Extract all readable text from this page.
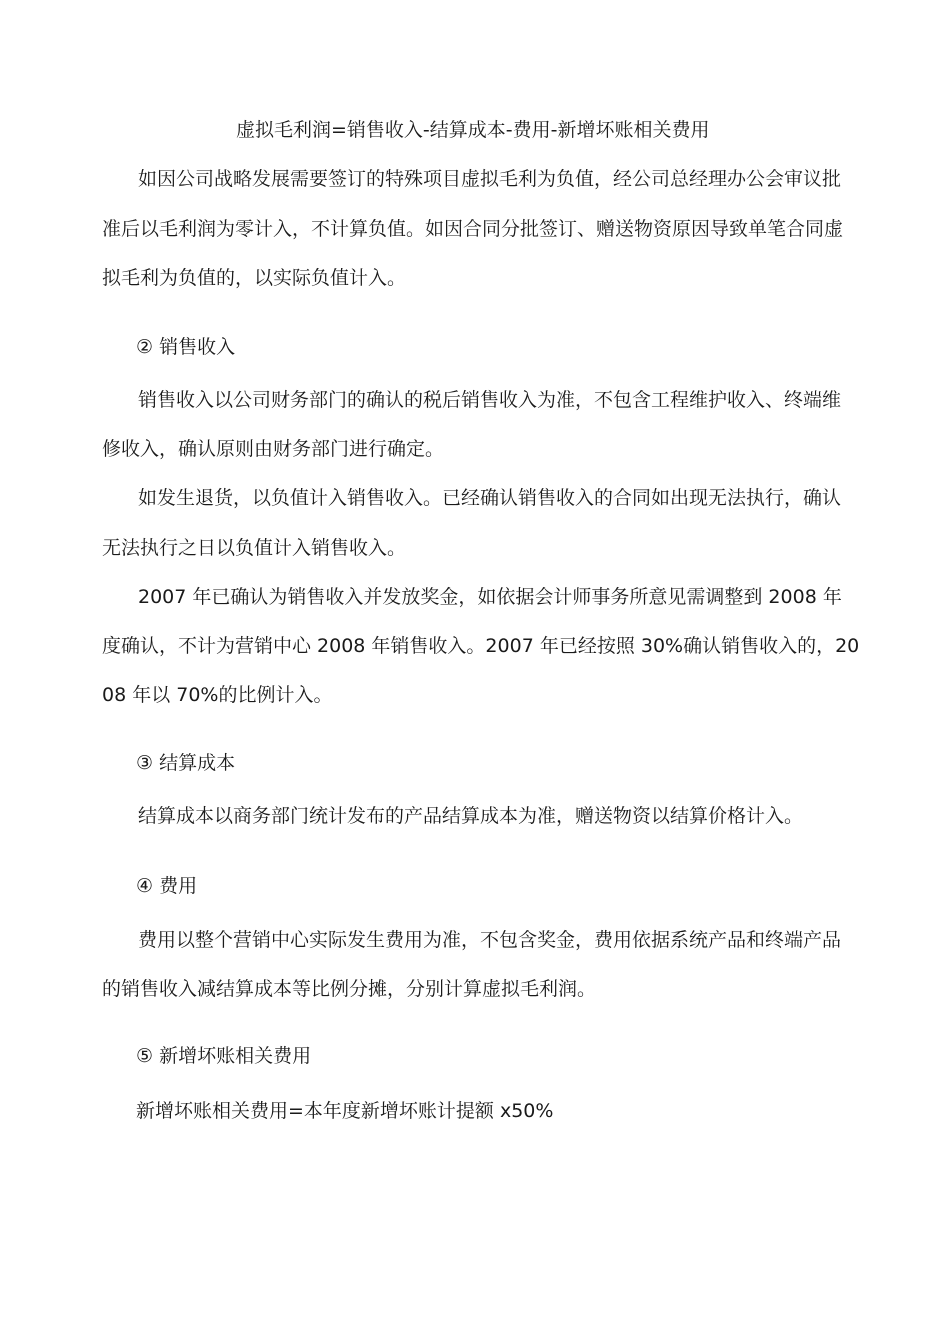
虚拟毛利润=销售收入-结算成本-费用-新增坏账相关费用
如因公司战略发展需要签订的特殊项目虚拟毛利为负值，经公司总经理办公会审议批
准后以毛利润为零计入，不计算负值。如因合同分批签订、赠送物资原因导致单笔合同虚
拟毛利为负值的，以实际负值计入。
② 销售收入
销售收入以公司财务部门的确认的税后销售收入为准，不包含工程维护收入、终端维
修收入，确认原则由财务部门进行确定。
如发生退货，以负值计入销售收入。已经确认销售收入的合同如出现无法执行，确认
无法执行之日以负值计入销售收入。
2007 年已确认为销售收入并发放奖金，如依据会计师事务所意见需调整到 2008 年
度确认，不计为营销中心 2008 年销售收入。2007 年已经按照 30%确认销售收入的，20
08 年以 70%的比例计入。
③ 结算成本
结算成本以商务部门统计发布的产品结算成本为准，赠送物资以结算价格计入。
④ 费用
费用以整个营销中心实际发生费用为准，不包含奖金，费用依据系统产品和终端产品
的销售收入减结算成本等比例分摊，分别计算虚拟毛利润。
⑤ 新增坏账相关费用
新增坏账相关费用=本年度新增坏账计提额 x50%
